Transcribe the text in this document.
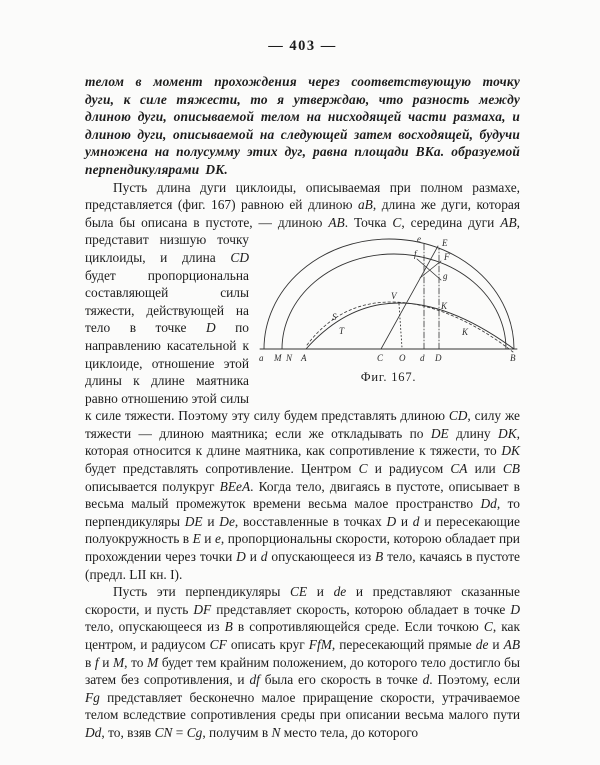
— 403 —

телом в момент прохождения через соответствующую точку дуги, к силе тяжести, то я утверждаю, что разность между длиною дуги, описываемой телом на нисходящей части размаха, и длиною дуги, описываемой на следующей затем восходящей, будучи умножена на полусумму этих дуг, равна площади BKa. образуемой перпендикулярами DK.

Пусть длина дуги циклоиды, описываемая при полном размахе, представляется (фиг. 167) равною ей длиною aB, длина же дуги, которая была бы описана в пустоте, — длиною AB. Точка C, середина дуги AB,
e E
f	F
g
V
K
K
S
T
a M N A	C O d D	B
Фиг. 167.
представит низшую точку циклоиды, и длина CD будет пропорциональна составляющей силы тяжести, действующей на тело в точке D по направлению касательной к циклоиде, отношение этой длины к длине маятника равно отношению этой силы к силе тяжести. Поэтому эту силу будем представлять длиною CD, силу же тяжести — длиною маятника; если же откладывать по DE длину DK, которая относится к длине маятника, как сопротивление к тяжести, то DK будет представлять сопротивление. Центром C и радиусом CA или CB описывается полукруг BEeA. Когда тело, двигаясь в пустоте, описывает в весьма малый промежуток времени весьма малое пространство Dd, то перпендикуляры DE и De, восставленные в точках D и d и пересекающие полуокружность в E и e, пропорциональны скорости, которою обладает при прохождении через точки D и d опускающееся из B тело, качаясь в пустоте (предл. LII кн. I).

Пусть эти перпендикуляры CE и de и представляют сказанные скорости, и пусть DF представляет скорость, которою обладает в точке D тело, опускающееся из B в сопротивляющейся среде. Если точкою C, как центром, и радиусом CF описать круг FfM, пересекающий прямые de и AB в f и M, то M будет тем крайним положением, до которого тело достигло бы затем без сопротивления, и df была его скорость в точке d. Поэтому, если Fg представляет бесконечно малое приращение скорости, утрачиваемое телом вследствие сопротивления среды при описании весьма малого пути Dd, то, взяв CN = Cg, получим в N место тела, до которого
